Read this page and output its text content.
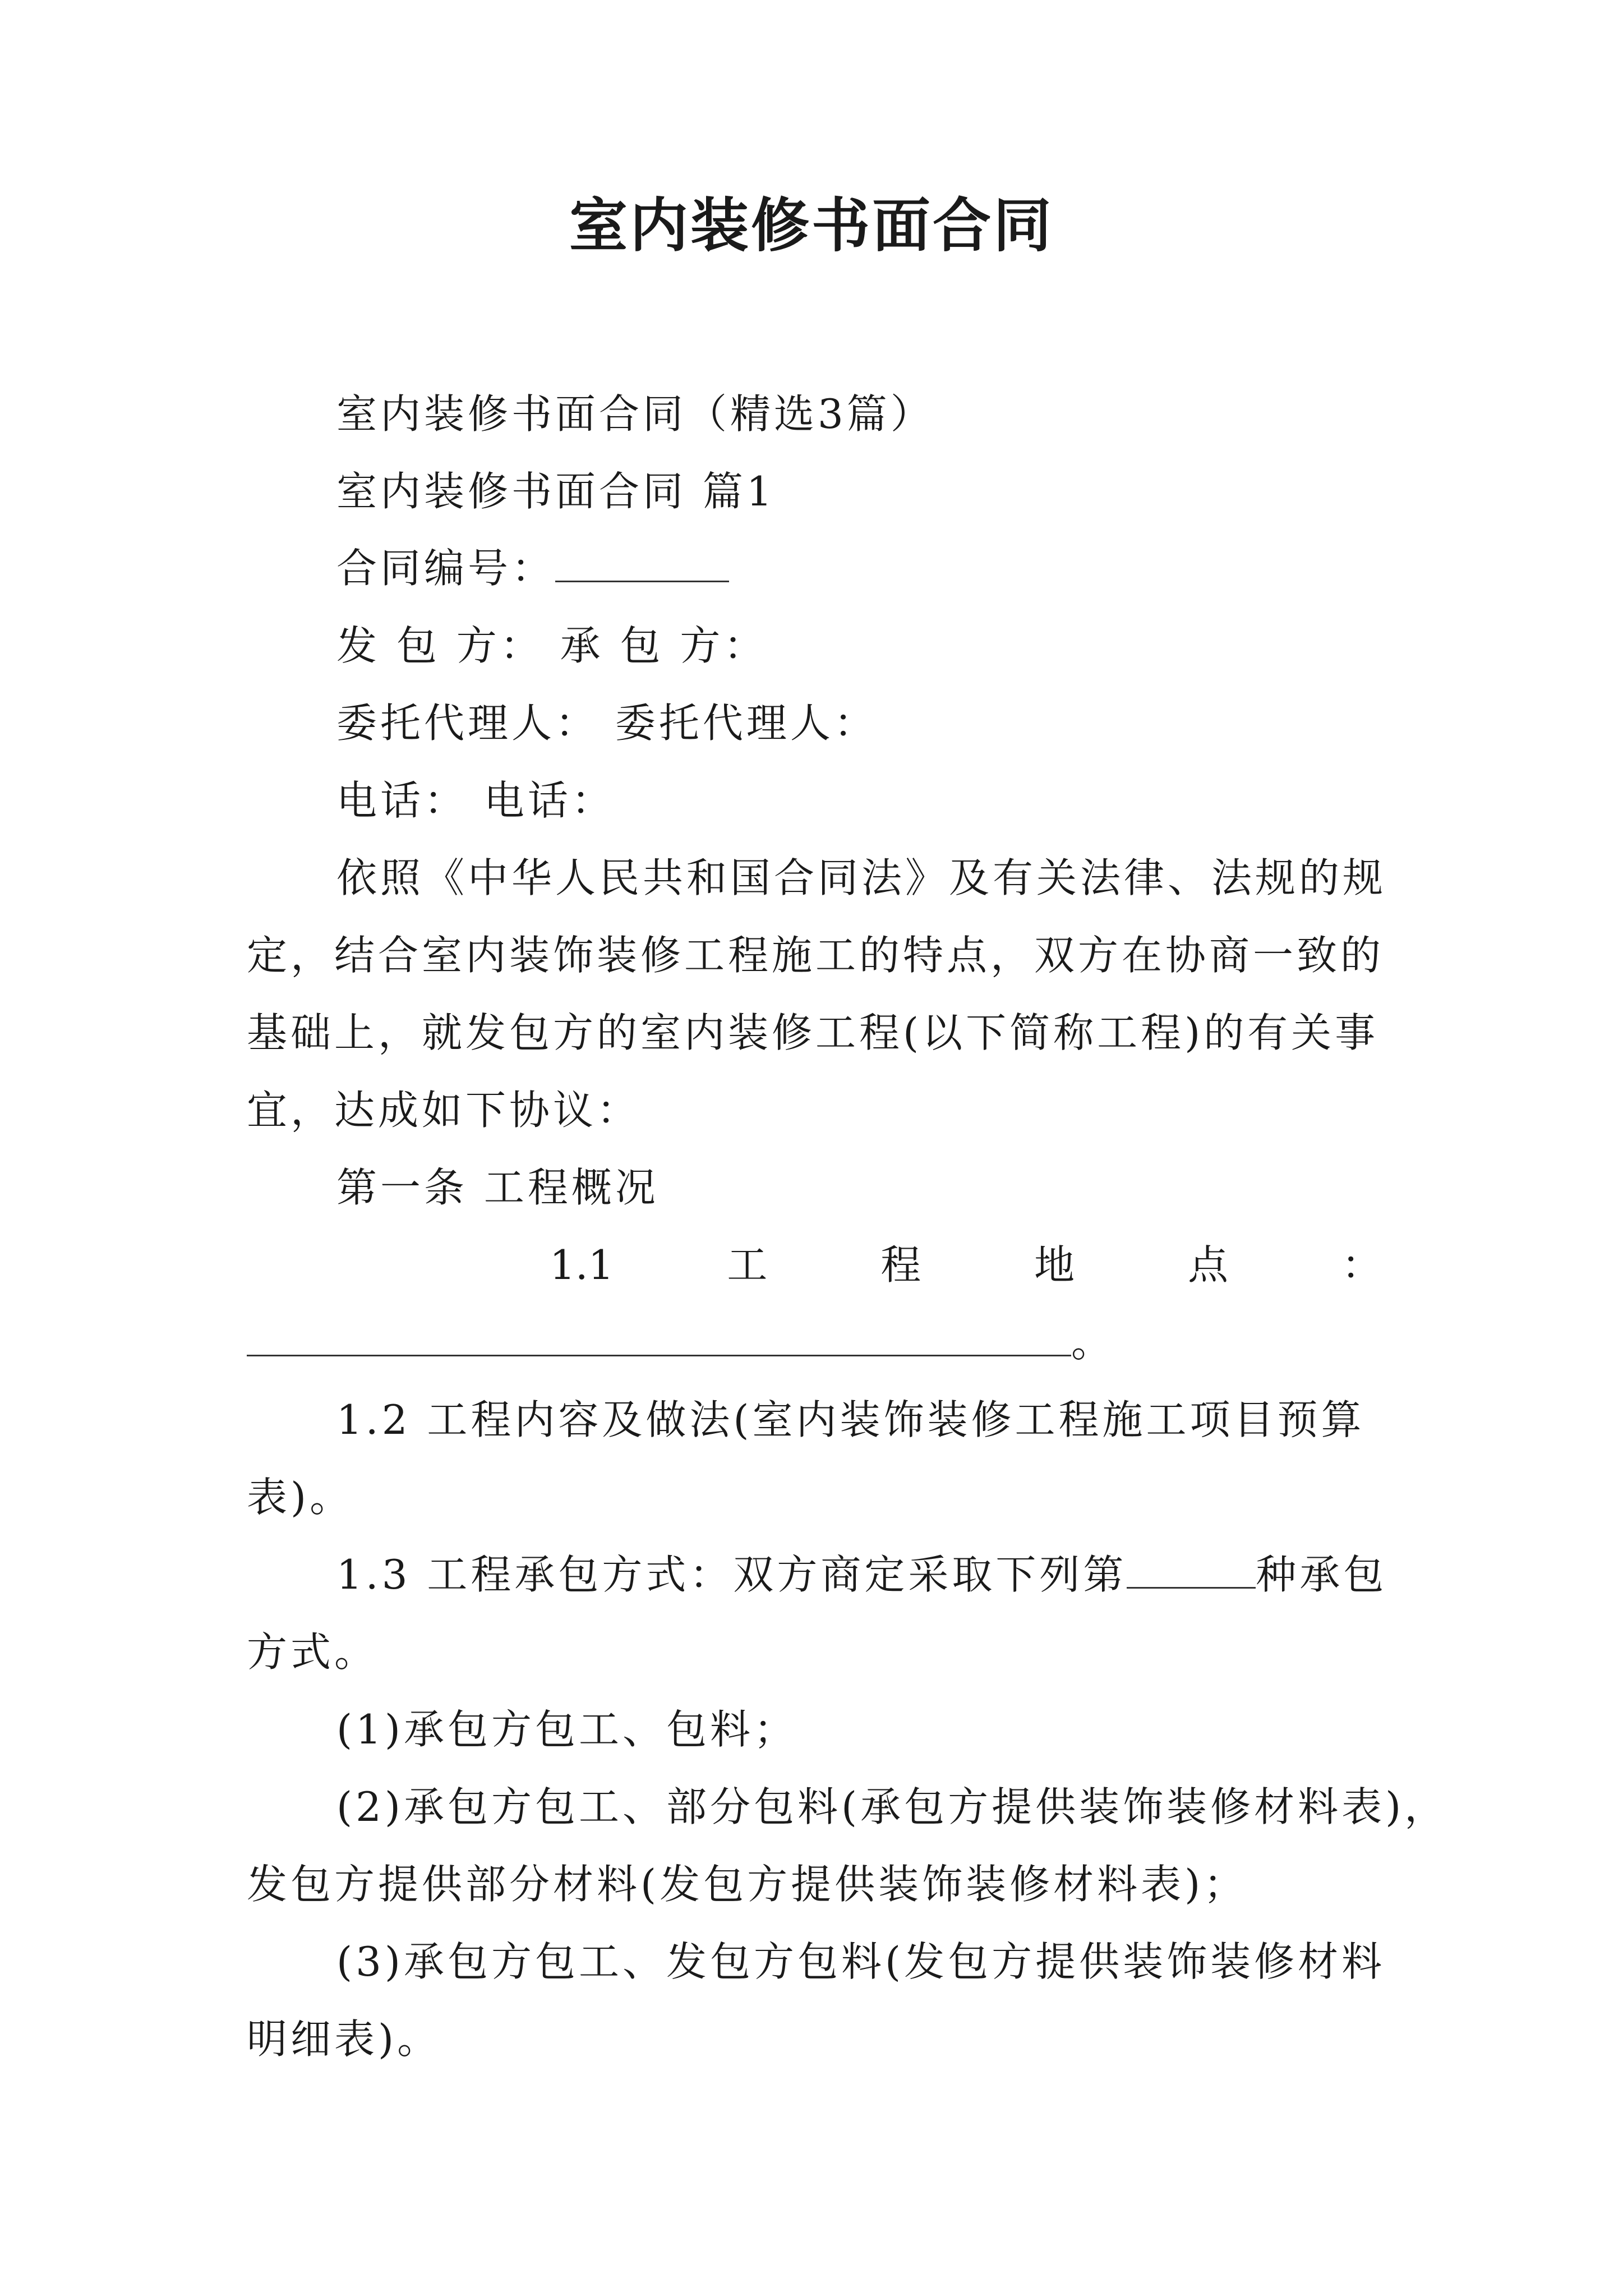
室内装修书面合同
室内装修书面合同（精选3篇）
室内装修书面合同 篇1
合同编号：
发 包 方： 承 包 方：
委托代理人： 委托代理人：
电话： 电话：
依照《中华人民共和国合同法》及有关法律、法规的规
定，结合室内装饰装修工程施工的特点，双方在协商一致的
基础上，就发包方的室内装修工程(以下简称工程)的有关事
宜，达成如下协议：
第一条 工程概况
1.1	工	程	地	点	：
。
1.2 工程内容及做法(室内装饰装修工程施工项目预算
表)。
1.3 工程承包方式：双方商定采取下列第	种承包
方式。
(1)承包方包工、包料；
(2)承包方包工、部分包料(承包方提供装饰装修材料表)，
发包方提供部分材料(发包方提供装饰装修材料表)；
(3)承包方包工、发包方包料(发包方提供装饰装修材料
明细表)。
